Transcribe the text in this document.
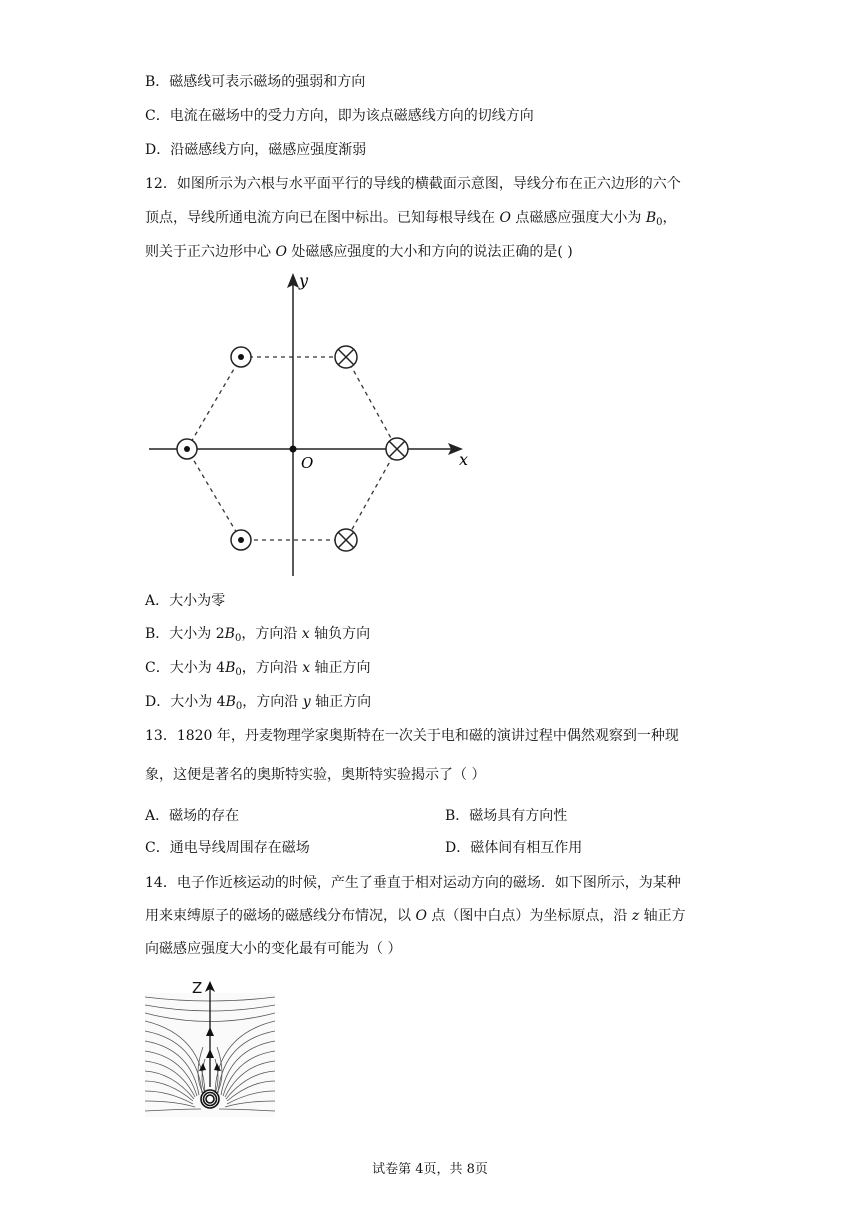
B．磁感线可表示磁场的强弱和方向
C．电流在磁场中的受力方向，即为该点磁感线方向的切线方向
D．沿磁感线方向，磁感应强度渐弱
12．如图所示为六根与水平面平行的导线的横截面示意图，导线分布在正六边形的六个
顶点，导线所通电流方向已在图中标出。已知每根导线在 O 点磁感应强度大小为 $B_0$，
则关于正六边形中心 O 处磁感应强度的大小和方向的说法正确的是( )
y
x
O
A．大小为零
B．大小为 $2B_0$，方向沿 x 轴负方向
C．大小为 $4B_0$，方向沿 x 轴正方向
D．大小为 $4B_0$，方向沿 y 轴正方向
13．1820 年，丹麦物理学家奥斯特在一次关于电和磁的演讲过程中偶然观察到一种现
象，这便是著名的奥斯特实验，奥斯特实验揭示了（ ）
A．磁场的存在	B．磁场具有方向性
C．通电导线周围存在磁场	D．磁体间有相互作用
14．电子作近核运动的时候，产生了垂直于相对运动方向的磁场．如下图所示，为某种
用来束缚原子的磁场的磁感线分布情况，以 O 点（图中白点）为坐标原点，沿 z 轴正方
向磁感应强度大小的变化最有可能为（ ）
Z
试卷第 4页，共 8页
